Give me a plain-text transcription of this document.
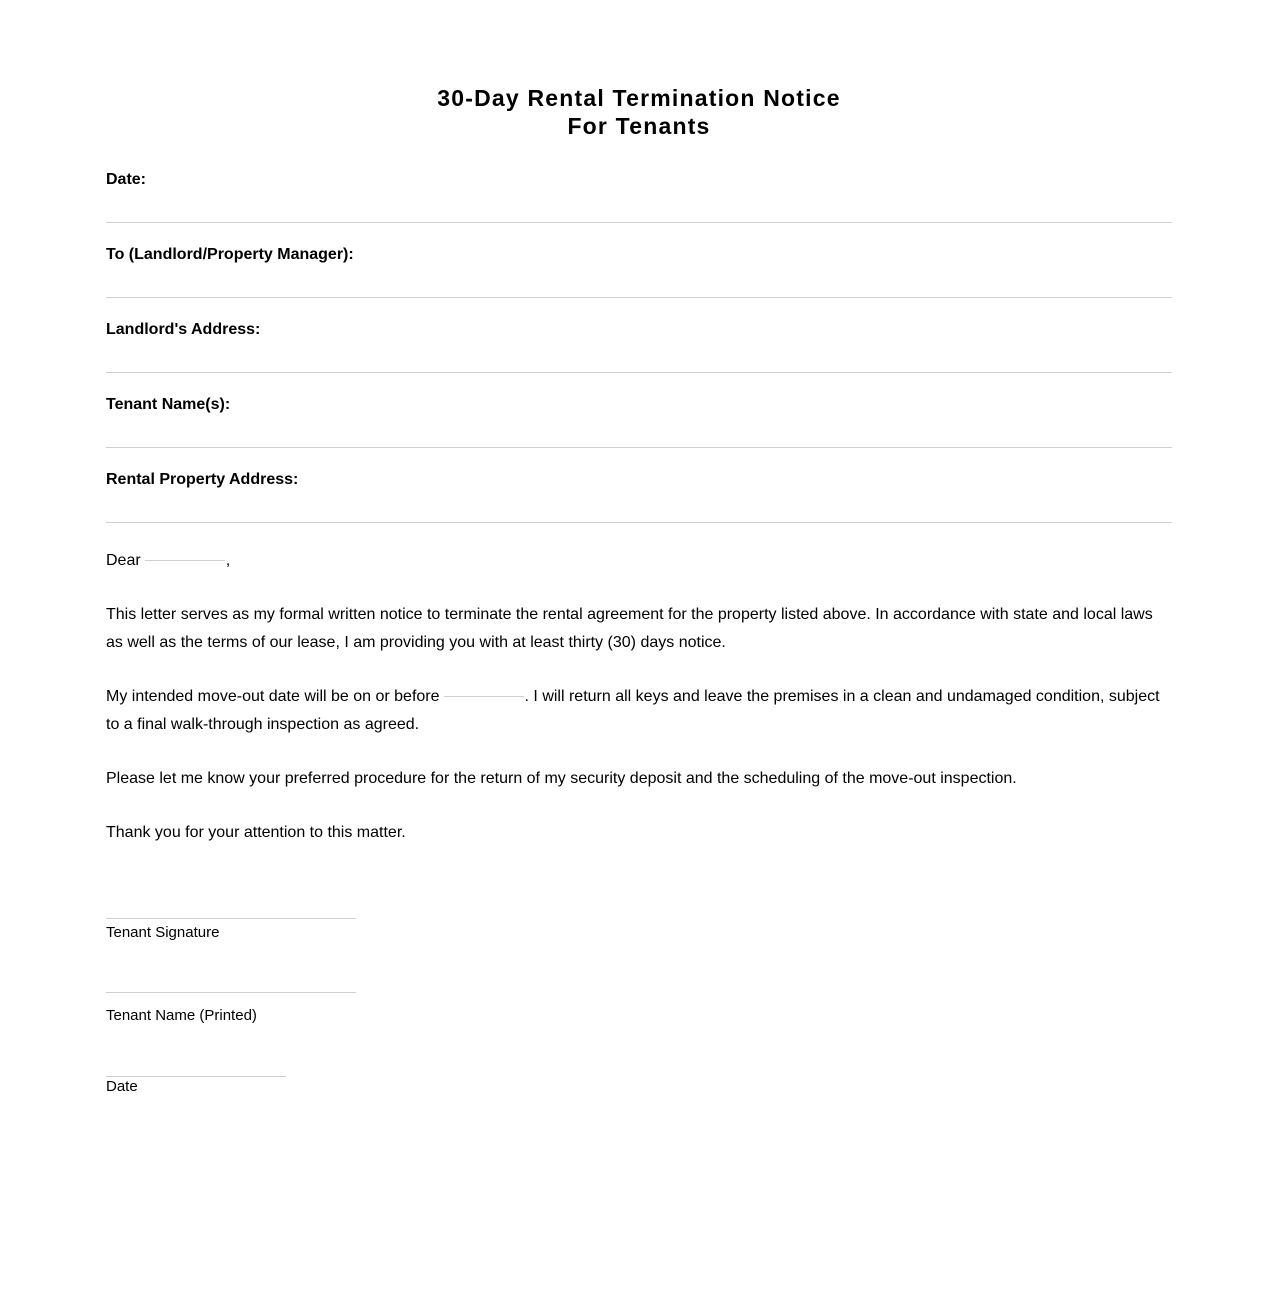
30-Day Rental Termination Notice
For Tenants
Date:
To (Landlord/Property Manager):
Landlord's Address:
Tenant Name(s):
Rental Property Address:
Dear	,
This letter serves as my formal written notice to terminate the rental agreement for the property listed above. In accordance with state and local laws as well as the terms of our lease, I am providing you with at least thirty (30) days notice.
My intended move-out date will be on or before	. I will return all keys and leave the premises in a clean and undamaged condition, subject to a final walk-through inspection as agreed.
Please let me know your preferred procedure for the return of my security deposit and the scheduling of the move-out inspection.
Thank you for your attention to this matter.
Tenant Signature
Tenant Name (Printed)
Date
